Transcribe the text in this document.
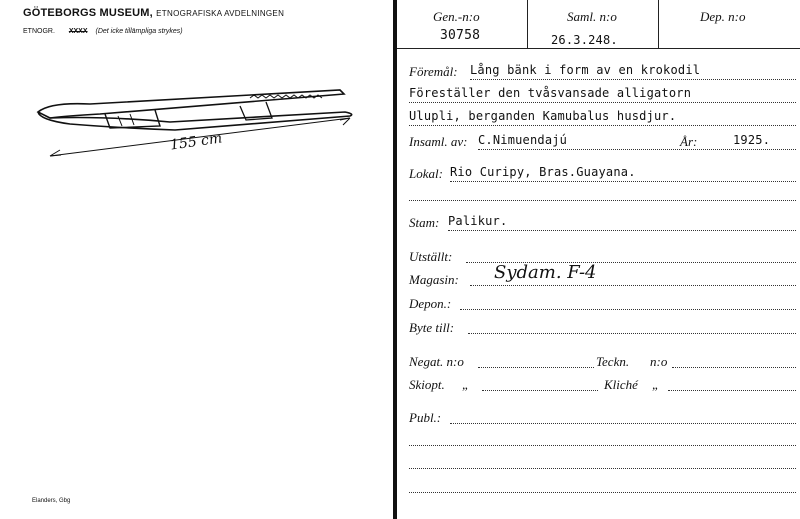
GÖTEBORGS MUSEUM, ETNOGRAFISKA AVDELNINGEN
ETNOGR. XXXX (Det icke tillämpliga strykes)
155 cm
Elanders, Gbg
Gen.-n:o
30758
Saml. n:o
26.3.248.
Dep. n:o
Föremål: Lång bänk i form av en krokodil
Föreställer den tvåsvansade alligatorn
Ulupli, berganden Kamubalus husdjur.
Insaml. av: C.Nimuendajú	År:	1925.
Lokal: Rio Curipy, Bras.Guayana.
Stam: Palikur.
Utställt:
Magasin: Sydam. F-4
Depon.:
Byte till:
Negat. n:o	Teckn. n:o
Skiopt. „	Kliché „
Publ.:
